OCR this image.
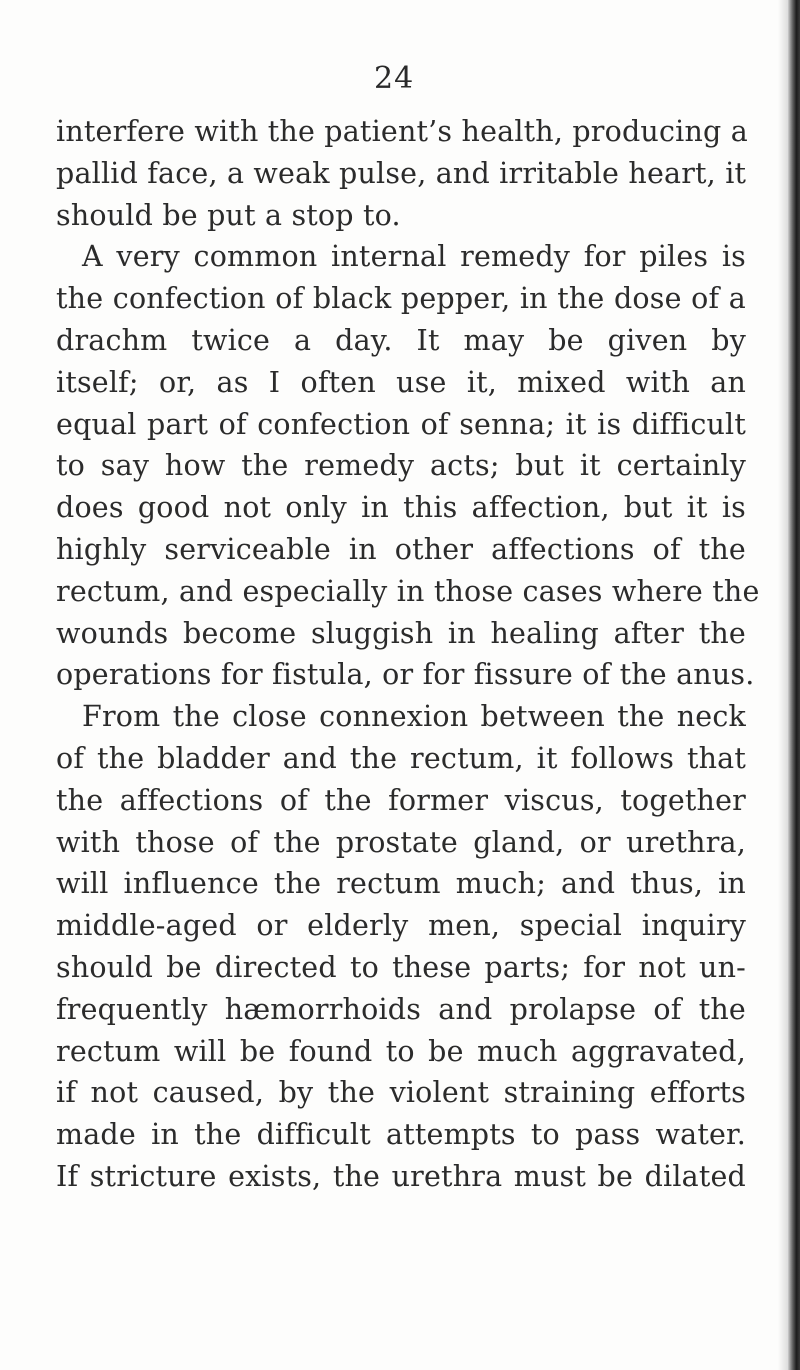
24
interfere with the patient’s health, producing a
pallid face, a weak pulse, and irritable heart, it
should be put a stop to.
A very common internal remedy for piles is
the confection of black pepper, in the dose of a
drachm twice a day. It may be given by
itself; or, as I often use it, mixed with an
equal part of confection of senna; it is difficult
to say how the remedy acts; but it certainly
does good not only in this affection, but it is
highly serviceable in other affections of the
rectum, and especially in those cases where the
wounds become sluggish in healing after the
operations for fistula, or for fissure of the anus.
From the close connexion between the neck
of the bladder and the rectum, it follows that
the affections of the former viscus, together
with those of the prostate gland, or urethra,
will influence the rectum much; and thus, in
middle-aged or elderly men, special inquiry
should be directed to these parts; for not un-
frequently hæmorrhoids and prolapse of the
rectum will be found to be much aggravated,
if not caused, by the violent straining efforts
made in the difficult attempts to pass water.
If stricture exists, the urethra must be dilated
